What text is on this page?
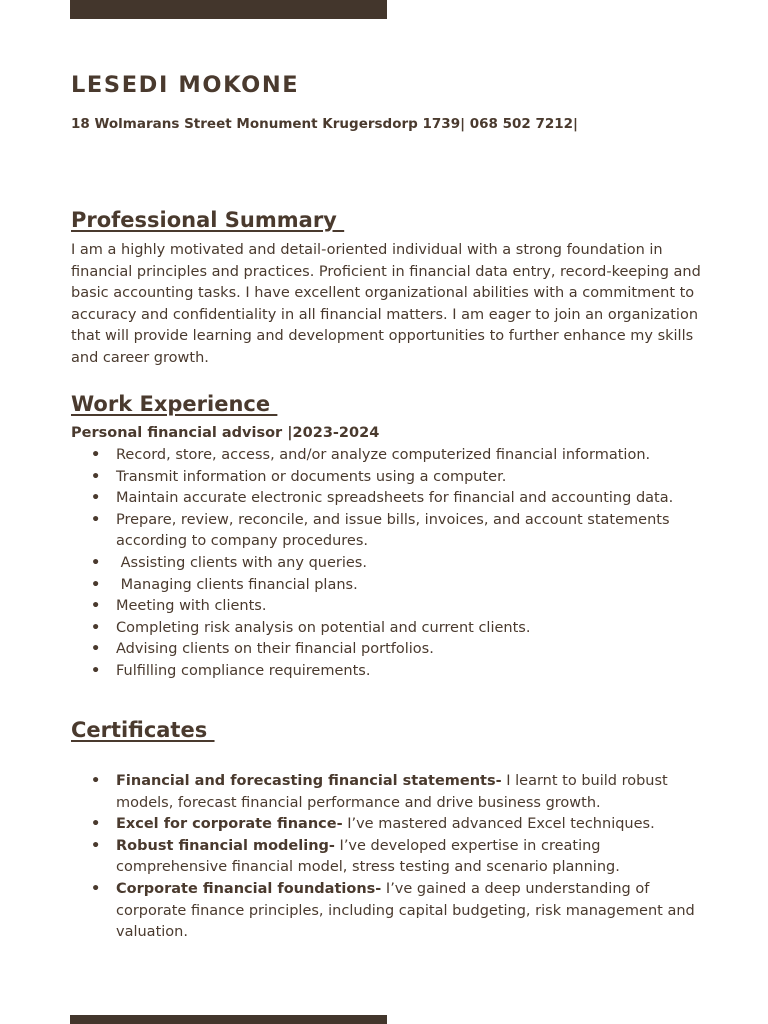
LESEDI MOKONE

18 Wolmarans Street Monument Krugersdorp 1739| 068 502 7212|

Professional Summary

I am a highly motivated and detail-oriented individual with a strong foundation in financial principles and practices. Proficient in financial data entry, record-keeping and basic accounting tasks. I have excellent organizational abilities with a commitment to accuracy and confidentiality in all financial matters. I am eager to join an organization that will provide learning and development opportunities to further enhance my skills and career growth.

Work Experience

Personal financial advisor |2023-2024

• Record, store, access, and/or analyze computerized financial information.
• Transmit information or documents using a computer.
• Maintain accurate electronic spreadsheets for financial and accounting data.
• Prepare, review, reconcile, and issue bills, invoices, and account statements according to company procedures.
•  Assisting clients with any queries.
•  Managing clients financial plans.
• Meeting with clients.
• Completing risk analysis on potential and current clients.
• Advising clients on their financial portfolios.
• Fulfilling compliance requirements.
Certificates
• Financial and forecasting financial statements- I learnt to build robust models, forecast financial performance and drive business growth.
• Excel for corporate finance- I’ve mastered advanced Excel techniques.
• Robust financial modeling- I’ve developed expertise in creating comprehensive financial model, stress testing and scenario planning.
• Corporate financial foundations- I’ve gained a deep understanding of corporate finance principles, including capital budgeting, risk management and valuation.
